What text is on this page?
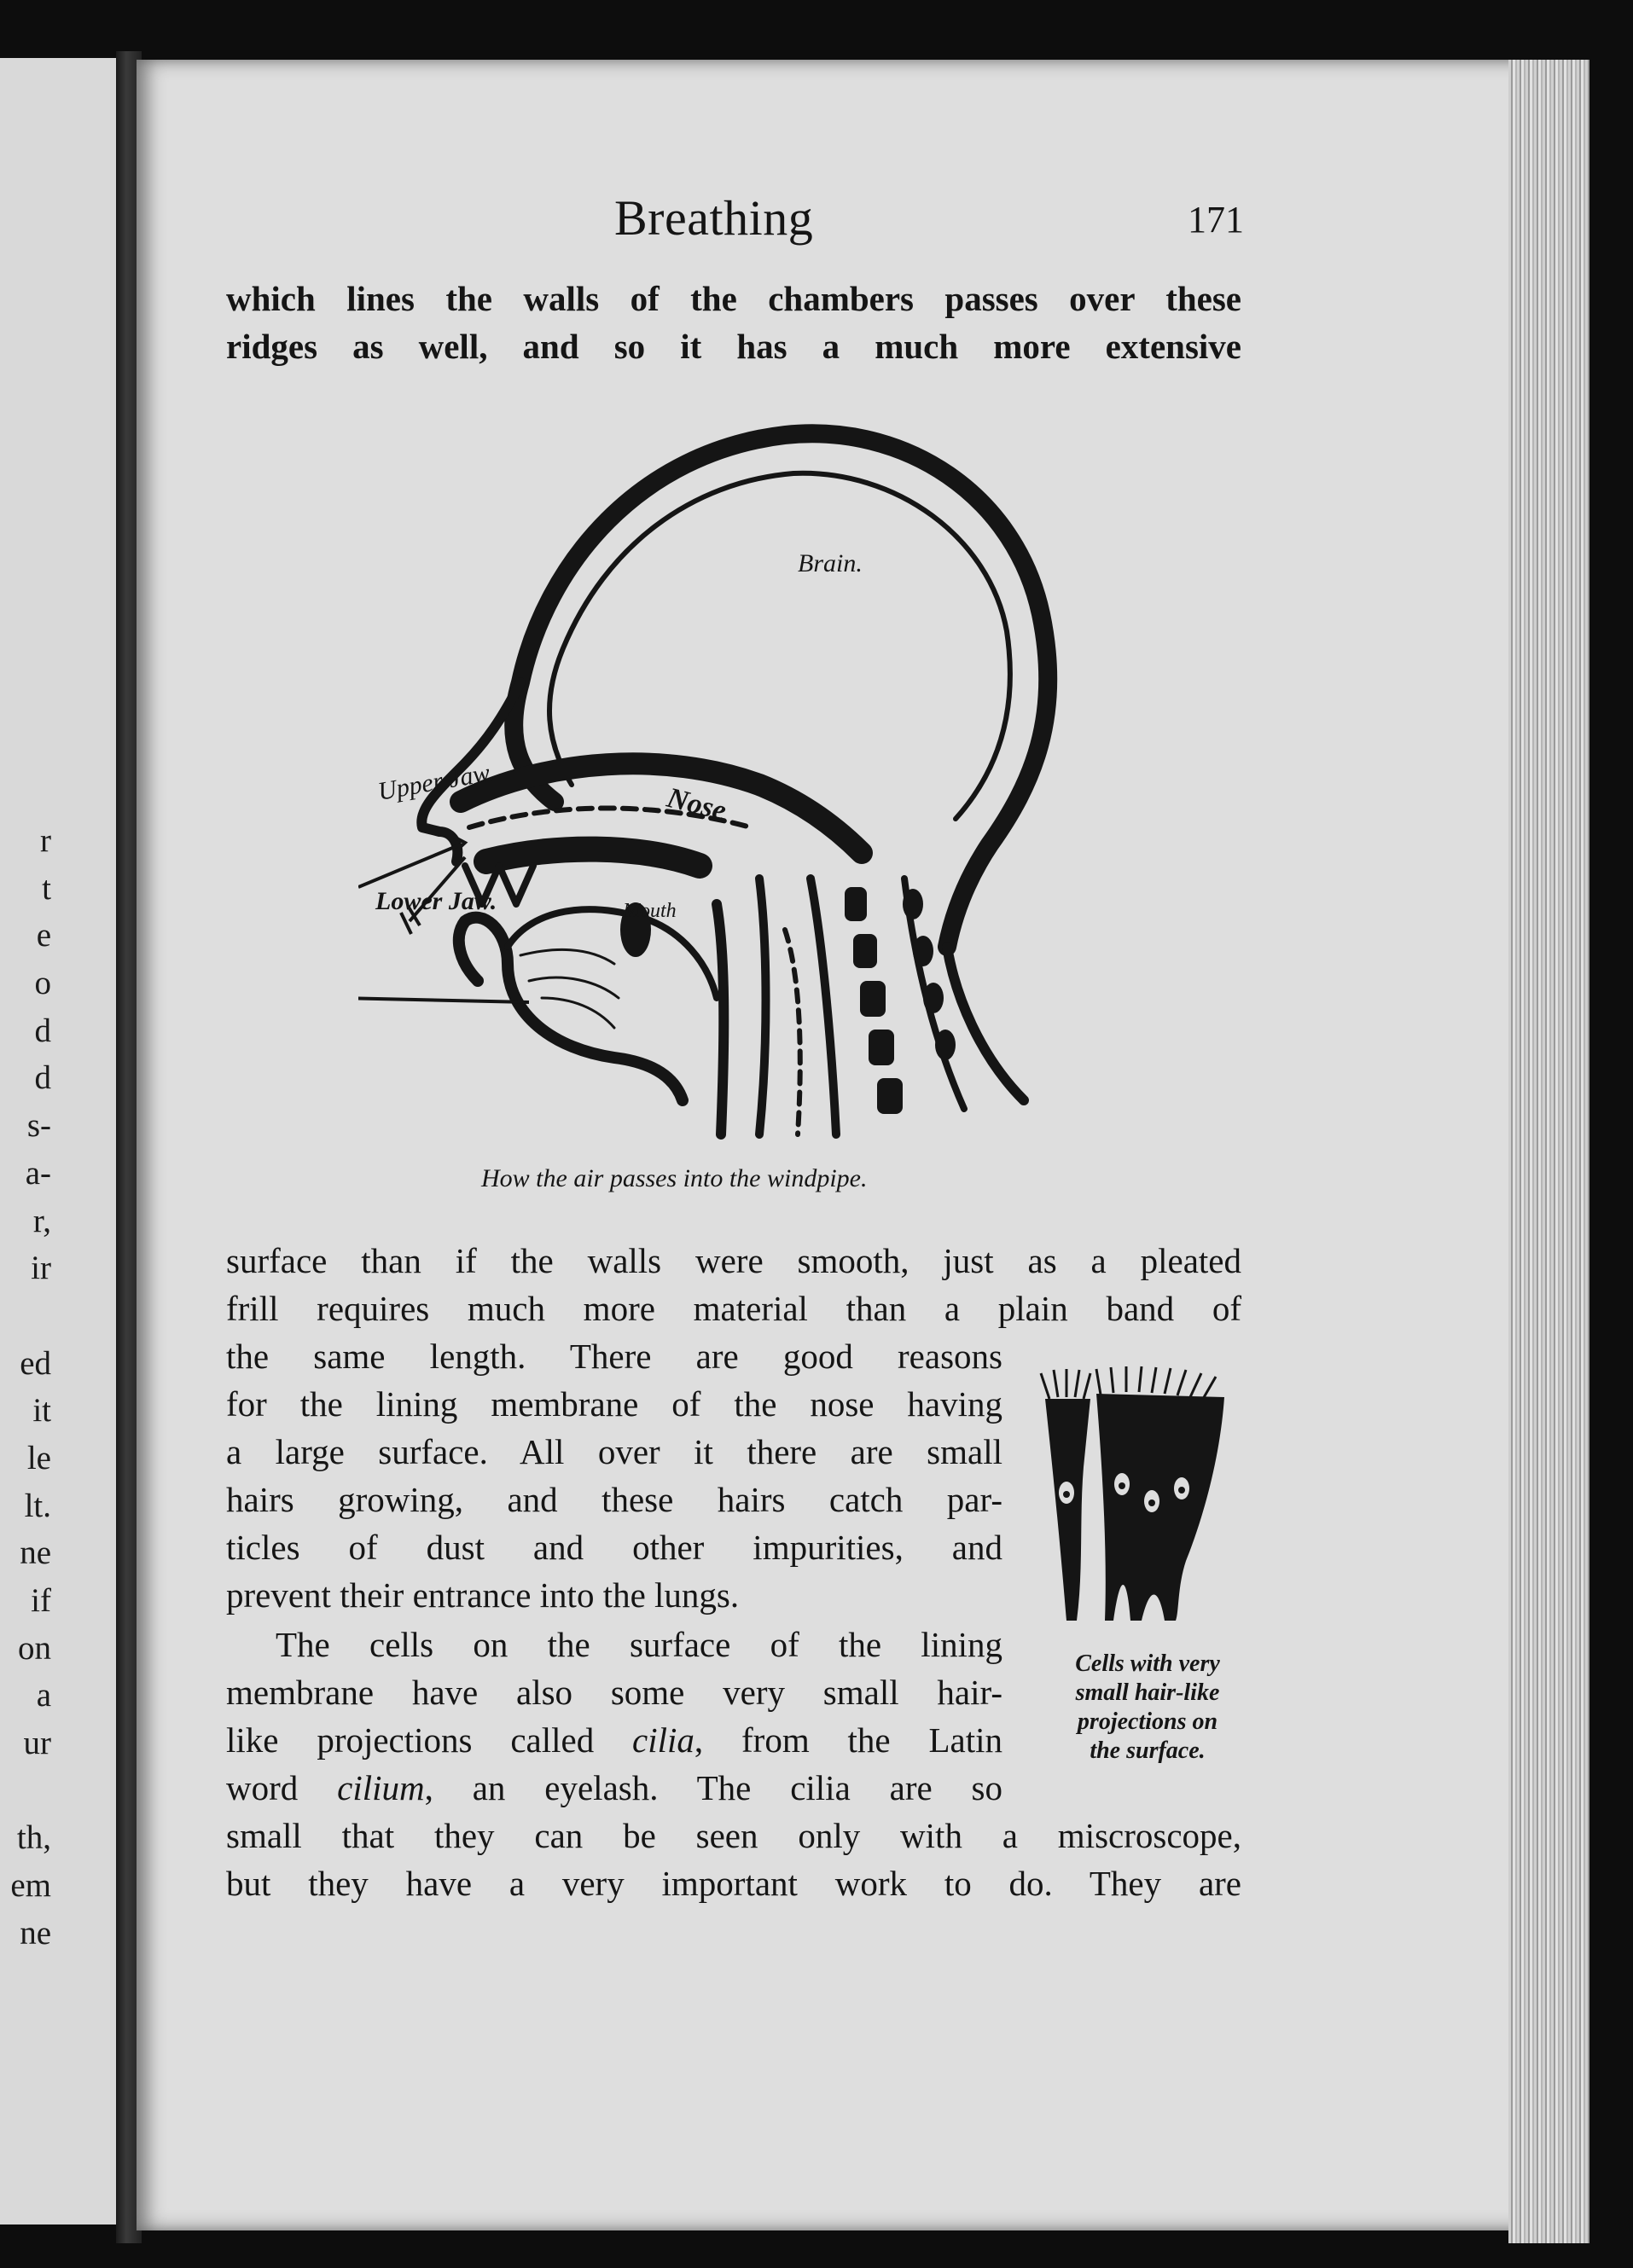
r
t
e
o
d
d
s-
a-
r,
ir
ed
it
le
lt.
ne
if
on
a
ur
th,
em
ne
Breathing	171
which lines the walls of the chambers passes over these
ridges as well, and so it has a much more extensive
Brain.
Nose
Mouth
Upper Jaw.
Lower Jaw.
How the air passes into the windpipe.
surface than if the walls were smooth, just as a pleated
frill requires much more material than a plain band of
the same length. There are good reasons
for the lining membrane of the nose having
a large surface. All over it there are small
hairs growing, and these hairs catch par-
ticles of dust and other impurities, and
prevent their entrance into the lungs.
The cells on the surface of the lining
membrane have also some very small hair-
like projections called cilia, from the Latin
word cilium, an eyelash. The cilia are so
small that they can be seen only with a miscroscope,
but they have a very important work to do. They are
Cells with very
small hair-like
projections on
the surface.
